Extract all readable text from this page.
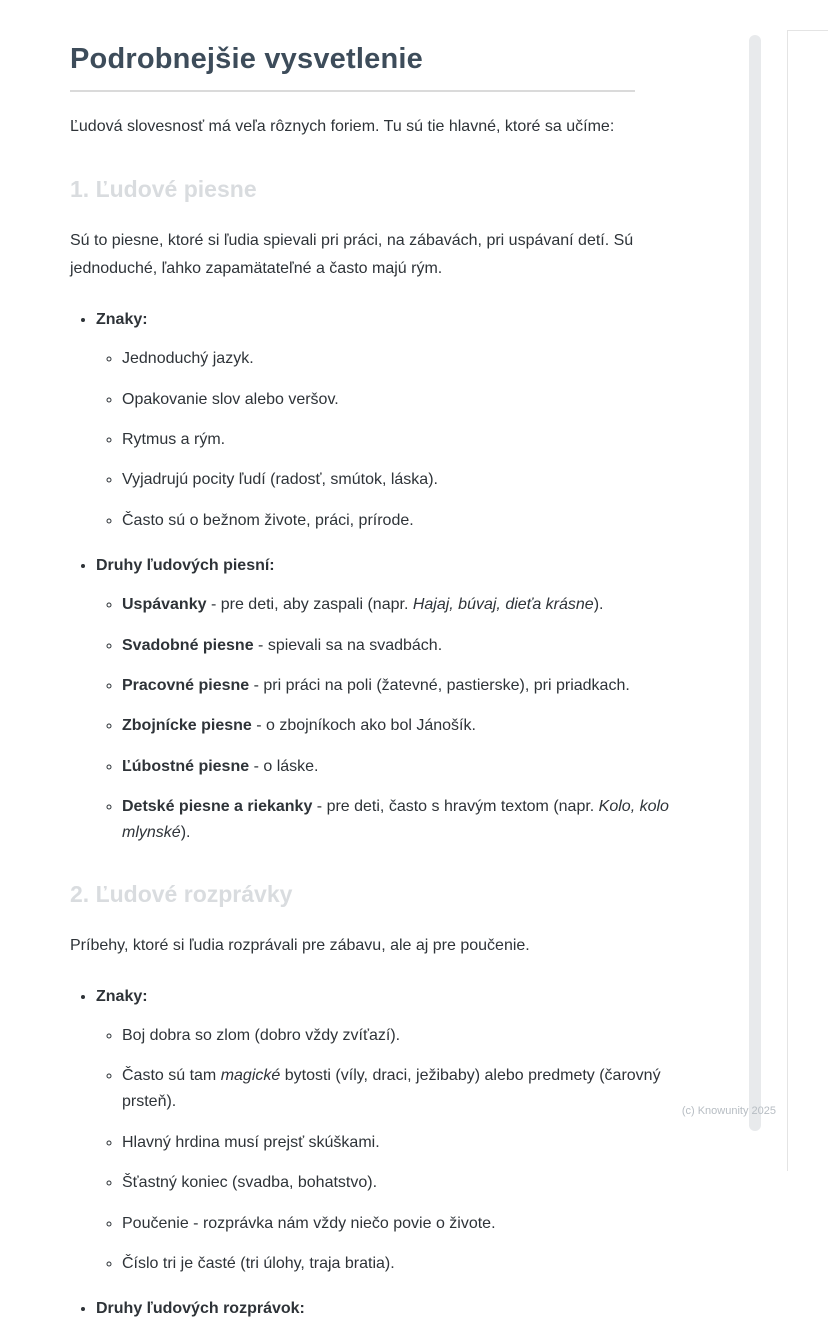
Podrobnejšie vysvetlenie

Ľudová slovesnosť má veľa rôznych foriem. Tu sú tie hlavné, ktoré sa učíme:

1. Ľudové piesne

Sú to piesne, ktoré si ľudia spievali pri práci, na zábavách, pri uspávaní detí. Sú jednoduché, ľahko zapamätateľné a často majú rým.

• Znaky:
◦ Jednoduchý jazyk.
◦ Opakovanie slov alebo veršov.
◦ Rytmus a rým.
◦ Vyjadrujú pocity ľudí (radosť, smútok, láska).
◦ Často sú o bežnom živote, práci, prírode.
• Druhy ľudových piesní:
◦ Uspávanky - pre deti, aby zaspali (napr. Hajaj, búvaj, dieťa krásne).
◦ Svadobné piesne - spievali sa na svadbách.
◦ Pracovné piesne - pri práci na poli (žatevné, pastierske), pri priadkach.
◦ Zbojnícke piesne - o zbojníkoch ako bol Jánošík.
◦ Ľúbostné piesne - o láske.
◦ Detské piesne a riekanky - pre deti, často s hravým textom (napr. Kolo, kolo mlynské).
2. Ľudové rozprávky

Príbehy, ktoré si ľudia rozprávali pre zábavu, ale aj pre poučenie.

• Znaky:
◦ Boj dobra so zlom (dobro vždy zvíťazí).
◦ Často sú tam magické bytosti (víly, draci, ježibaby) alebo predmety (čarovný prsteň).
◦ Hlavný hrdina musí prejsť skúškami.
◦ Šťastný koniec (svadba, bohatstvo).
◦ Poučenie - rozprávka nám vždy niečo povie o živote.
◦ Číslo tri je časté (tri úlohy, traja bratia).
• Druhy ľudových rozprávok:
(c) Knowunity 2025
